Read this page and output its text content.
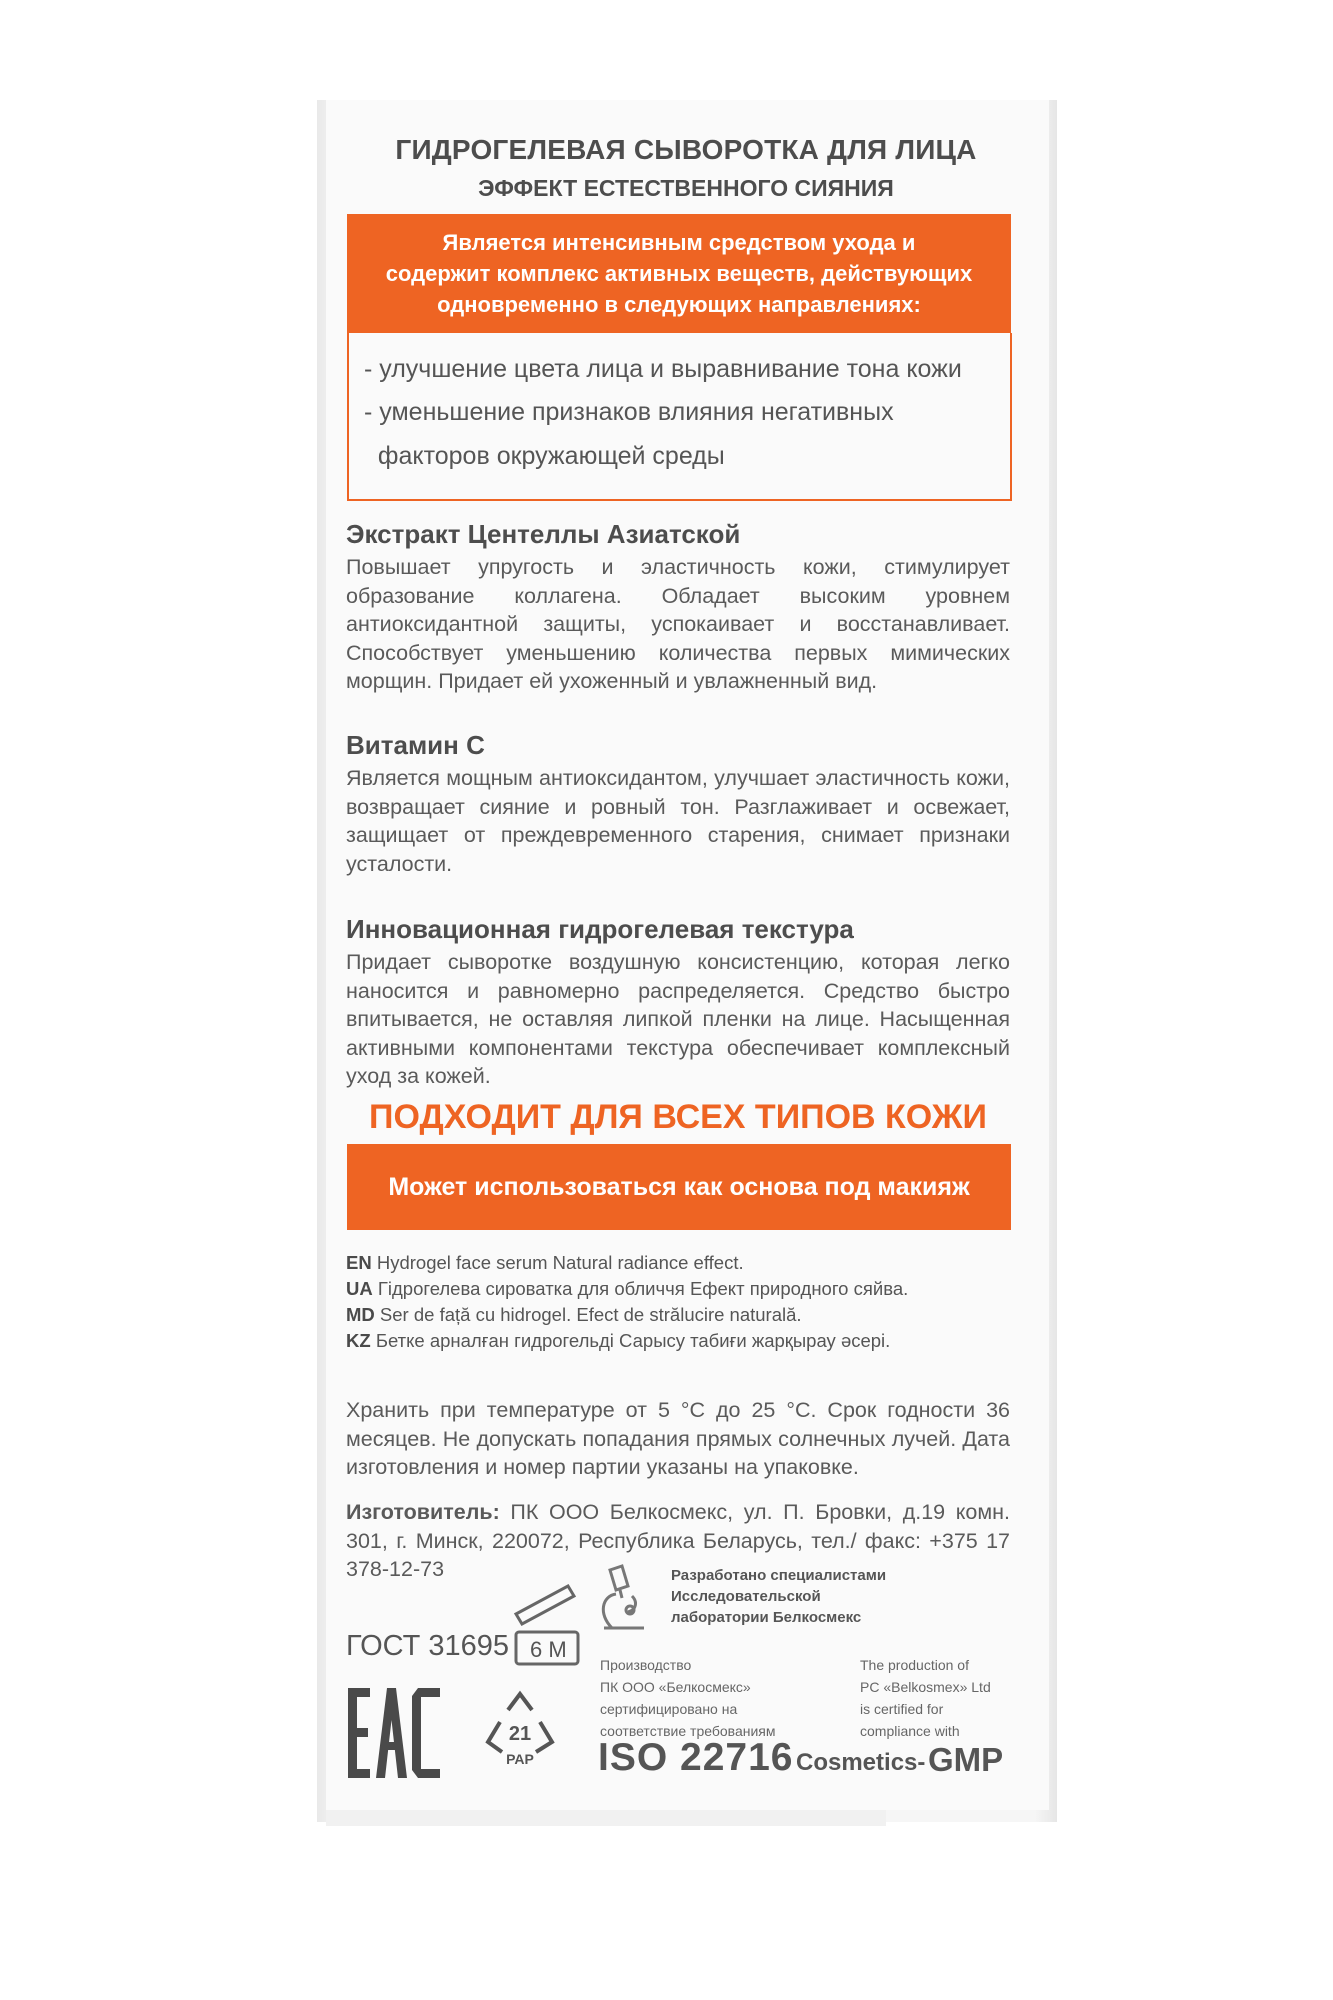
ГИДРОГЕЛЕВАЯ СЫВОРОТКА ДЛЯ ЛИЦА
ЭФФЕКТ ЕСТЕСТВЕННОГО СИЯНИЯ
Является интенсивным средством ухода и
содержит комплекс активных веществ, действующих
одновременно в следующих направлениях:
- улучшение цвета лица и выравнивание тона кожи
- уменьшение признаков влияния негативных
факторов окружающей среды
Экстракт Центеллы Азиатской
Повышает упругость и эластичность кожи, стимулирует образование коллагена. Обладает высоким уровнем антиоксидантной защиты, успокаивает и восстанавливает. Способствует уменьшению количества первых мимических морщин. Придает ей ухоженный и увлажненный вид.
Витамин С
Является мощным антиоксидантом, улучшает эластичность кожи, возвращает сияние и ровный тон. Разглаживает и освежает, защищает от преждевременного старения, снимает признаки усталости.
Инновационная гидрогелевая текстура
Придает сыворотке воздушную консистенцию, которая легко наносится и равномерно распределяется. Средство быстро впитывается, не оставляя липкой пленки на лице. Насыщенная активными компонентами текстура обеспечивает комплексный уход за кожей.
ПОДХОДИТ ДЛЯ ВСЕХ ТИПОВ КОЖИ
Может использоваться как основа под макияж
EN Hydrogel face serum Natural radiance effect.
UA Гідрогелева сироватка для обличчя Ефект природного сяйва.
MD Ser de față cu hidrogel. Efect de strălucire naturală.
KZ Бетке арналған гидрогельді Сарысу табиғи жарқырау әсері.
Хранить при температуре от 5 °С до 25 °С. Срок годности 36 месяцев. Не допускать попадания прямых солнечных лучей. Дата изготовления и номер партии указаны на упаковке.
Изготовитель: ПК ООО Белкосмекс, ул. П. Бровки, д.19 комн. 301, г. Минск, 220072, Республика Беларусь, тел./ факс: +375 17 378-12-73	Разработано специалистами
Исследовательской
лаборатории Белкосмекс
ГОСТ 31695 6 M
21
PAP
Производство
ПК ООО «Белкосмекс»
сертифицировано на
соответствие требованиям
The production of
PC «Belkosmex» Ltd
is certified for
compliance with
ISO 22716 Cosmetics- GMP
